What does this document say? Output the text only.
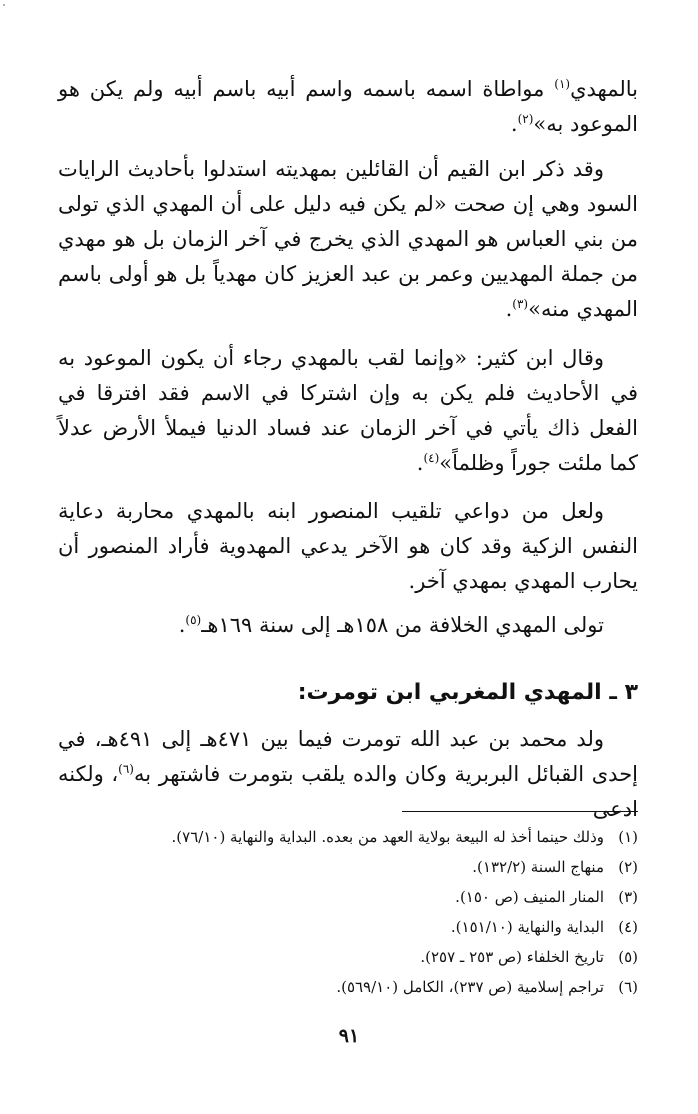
بالمهدي$^{(١)}$ مواطاة اسمه باسمه واسم أبيه باسم أبيه ولم يكن هو الموعود به»$^{(٢)}$.

وقد ذكر ابن القيم أن القائلين بمهديته استدلوا بأحاديث الرايات السود وهي إن صحت «لم يكن فيه دليل على أن المهدي الذي تولى من بني العباس هو المهدي الذي يخرج في آخر الزمان بل هو مهدي من جملة المهديين وعمر بن عبد العزيز كان مهدياً بل هو أولى باسم المهدي منه»$^{(٣)}$.

وقال ابن كثير: «وإنما لقب بالمهدي رجاء أن يكون الموعود به في الأحاديث فلم يكن به وإن اشتركا في الاسم فقد افترقا في الفعل ذاك يأتي في آخر الزمان عند فساد الدنيا فيملأ الأرض عدلاً كما ملئت جوراً وظلماً»$^{(٤)}$.

ولعل من دواعي تلقيب المنصور ابنه بالمهدي محاربة دعاية النفس الزكية وقد كان هو الآخر يدعي المهدوية فأراد المنصور أن يحارب المهدي بمهدي آخر.

تولى المهدي الخلافة من ١٥٨هـ إلى سنة ١٦٩هـ$^{(٥)}$.

٣ ـ المهدي المغربي ابن تومرت:

ولد محمد بن عبد الله تومرت فيما بين ٤٧١هـ إلى ٤٩١هـ، في إحدى القبائل البربرية وكان والده يلقب بتومرت فاشتهر به$^{(٦)}$، ولكنه ادعى

(١)
وذلك حينما أخذ له البيعة بولاية العهد من بعده. البداية والنهاية (٧٦/١٠).
(٢)
منهاج السنة (١٣٢/٢).
(٣)
المنار المنيف (ص ١٥٠).
(٤)
البداية والنهاية (١٥١/١٠).
(٥)
تاريخ الخلفاء (ص ٢٥٣ ـ ٢٥٧).
(٦)
تراجم إسلامية (ص ٢٣٧)، الكامل (٥٦٩/١٠).
٩١
